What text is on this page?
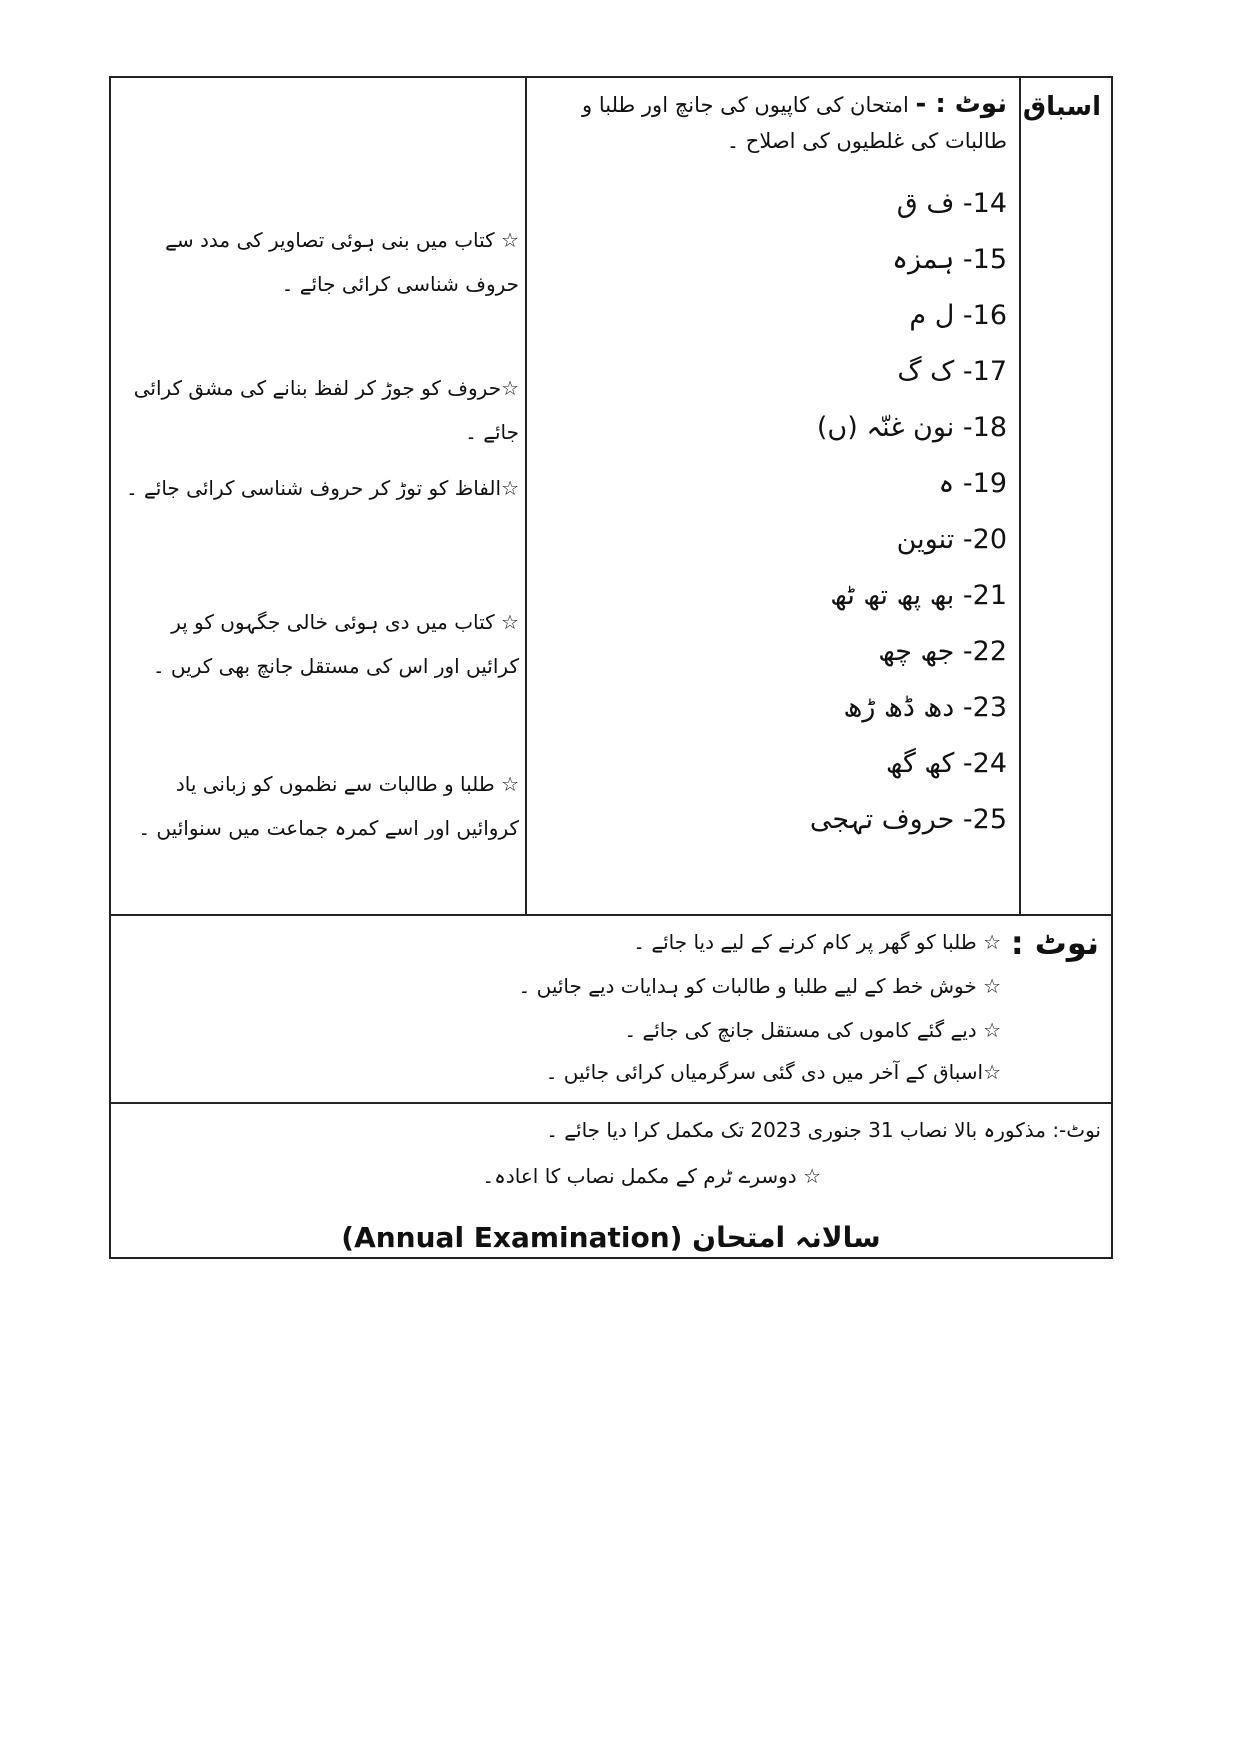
اسباق
نوٹ : - امتحان کی کاپیوں کی جانچ اور طلبا و طالبات کی غلطیوں کی اصلاح ۔
14- ف ق
15- ہمزہ
16- ل م
17- ک گ
18- نون غنّہ (ں)
19- ہ
20- تنوین
21- بھ پھ تھ ٹھ
22- جھ چھ
23- دھ ڈھ ڑھ
24- کھ گھ
25- حروف تہجی
☆ کتاب میں بنی ہوئی تصاویر کی مدد سے حروف شناسی کرائی جائے ۔
☆حروف کو جوڑ کر لفظ بنانے کی مشق کرائی جائے ۔
☆الفاظ کو توڑ کر حروف شناسی کرائی جائے ۔
☆ کتاب میں دی ہوئی خالی جگہوں کو پر کرائیں اور اس کی مستقل جانچ بھی کریں ۔
☆ طلبا و طالبات سے نظموں کو زبانی یاد کروائیں اور اسے کمرہ جماعت میں سنوائیں ۔
نوٹ :
☆ طلبا کو گھر پر کام کرنے کے لیے دیا جائے ۔
☆ خوش خط کے لیے طلبا و طالبات کو ہدایات دیے جائیں ۔
☆ دیے گئے کاموں کی مستقل جانچ کی جائے ۔
☆اسباق کے آخر میں دی گئی سرگرمیاں کرائی جائیں ۔
نوٹ-: مذکورہ بالا نصاب 31 جنوری 2023 تک مکمل کرا دیا جائے ۔
☆ دوسرے ٹرم کے مکمل نصاب کا اعادہ۔
سالانہ امتحان (Annual Examination)
